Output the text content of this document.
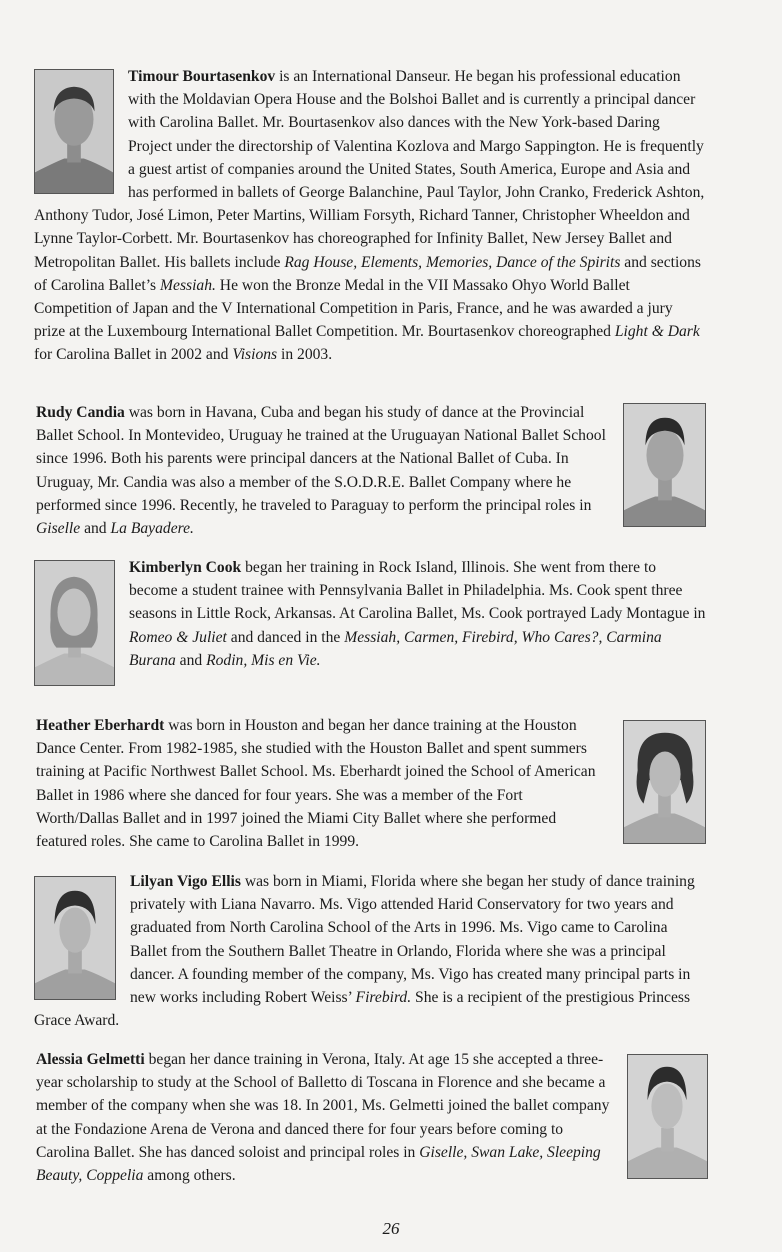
Timour Bourtasenkov is an International Danseur. He began his professional education with the Moldavian Opera House and the Bolshoi Ballet and is currently a principal dancer with Carolina Ballet. Mr. Bourtasenkov also dances with the New York-based Daring Project under the directorship of Valentina Kozlova and Margo Sappington. He is frequently a guest artist of companies around the United States, South America, Europe and Asia and has performed in ballets of George Balanchine, Paul Taylor, John Cranko, Frederick Ashton, Anthony Tudor, José Limon, Peter Martins, William Forsyth, Richard Tanner, Christopher Wheeldon and Lynne Taylor-Corbett. Mr. Bourtasenkov has choreographed for Infinity Ballet, New Jersey Ballet and Metropolitan Ballet. His ballets include Rag House, Elements, Memories, Dance of the Spirits and sections of Carolina Ballet’s Messiah. He won the Bronze Medal in the VII Massako Ohyo World Ballet Competition of Japan and the V International Competition in Paris, France, and he was awarded a jury prize at the Luxembourg International Ballet Competition. Mr. Bourtasenkov choreographed Light & Dark for Carolina Ballet in 2002 and Visions in 2003.

Rudy Candia was born in Havana, Cuba and began his study of dance at the Provincial Ballet School. In Montevideo, Uruguay he trained at the Uruguayan National Ballet School since 1996. Both his parents were principal dancers at the National Ballet of Cuba. In Uruguay, Mr. Candia was also a member of the S.O.D.R.E. Ballet Company where he performed since 1996. Recently, he traveled to Paraguay to perform the principal roles in Giselle and La Bayadere.

Kimberlyn Cook began her training in Rock Island, Illinois. She went from there to become a student trainee with Pennsylvania Ballet in Philadelphia. Ms. Cook spent three seasons in Little Rock, Arkansas. At Carolina Ballet, Ms. Cook portrayed Lady Montague in Romeo & Juliet and danced in the Messiah, Carmen, Firebird, Who Cares?, Carmina Burana and Rodin, Mis en Vie.

Heather Eberhardt was born in Houston and began her dance training at the Houston Dance Center. From 1982-1985, she studied with the Houston Ballet and spent summers training at Pacific Northwest Ballet School. Ms. Eberhardt joined the School of American Ballet in 1986 where she danced for four years. She was a member of the Fort Worth/Dallas Ballet and in 1997 joined the Miami City Ballet where she performed featured roles. She came to Carolina Ballet in 1999.

Lilyan Vigo Ellis was born in Miami, Florida where she began her study of dance training privately with Liana Navarro. Ms. Vigo attended Harid Conservatory for two years and graduated from North Carolina School of the Arts in 1996. Ms. Vigo came to Carolina Ballet from the Southern Ballet Theatre in Orlando, Florida where she was a principal dancer. A founding member of the company, Ms. Vigo has created many principal parts in new works including Robert Weiss’ Firebird. She is a recipient of the prestigious Princess Grace Award.

Alessia Gelmetti began her dance training in Verona, Italy. At age 15 she accepted a three-year scholarship to study at the School of Balletto di Toscana in Florence and she became a member of the company when she was 18. In 2001, Ms. Gelmetti joined the ballet company at the Fondazione Arena de Verona and danced there for four years before coming to Carolina Ballet. She has danced soloist and principal roles in Giselle, Swan Lake, Sleeping Beauty, Coppelia among others.

26
